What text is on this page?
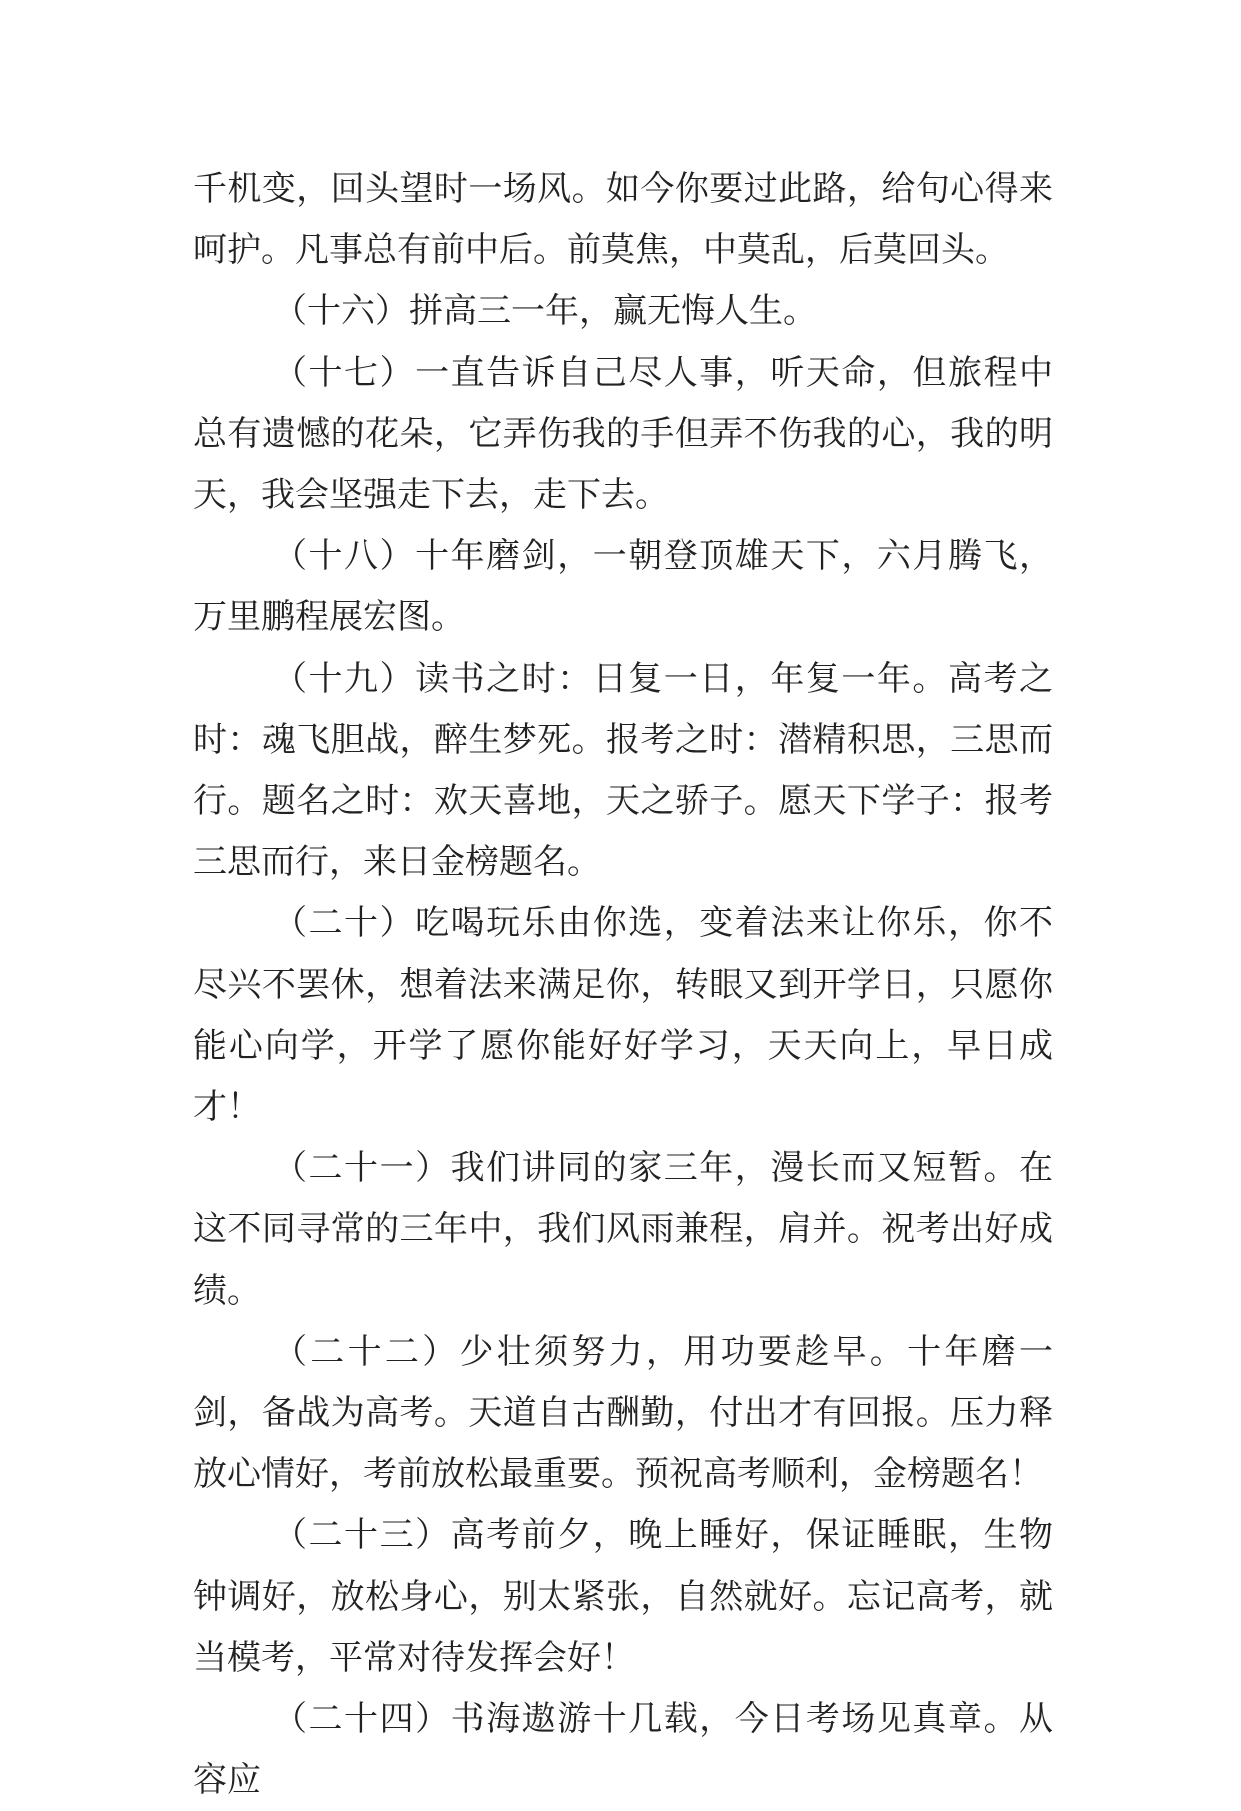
千机变，回头望时一场风。如今你要过此路，给句心得来呵护。凡事总有前中后。前莫焦，中莫乱，后莫回头。

（十六）拼高三一年，赢无悔人生。

（十七）一直告诉自己尽人事，听天命，但旅程中总有遗憾的花朵，它弄伤我的手但弄不伤我的心，我的明天，我会坚强走下去，走下去。

（十八）十年磨剑，一朝登顶雄天下，六月腾飞，万里鹏程展宏图。

（十九）读书之时：日复一日，年复一年。高考之时：魂飞胆战，醉生梦死。报考之时：潜精积思，三思而行。题名之时：欢天喜地，天之骄子。愿天下学子：报考三思而行，来日金榜题名。

（二十）吃喝玩乐由你选，变着法来让你乐，你不尽兴不罢休，想着法来满足你，转眼又到开学日，只愿你能心向学，开学了愿你能好好学习，天天向上，早日成才！

（二十一）我们讲同的家三年，漫长而又短暂。在这不同寻常的三年中，我们风雨兼程，肩并。祝考出好成绩。

（二十二）少壮须努力，用功要趁早。十年磨一剑，备战为高考。天道自古酬勤，付出才有回报。压力释放心情好，考前放松最重要。预祝高考顺利，金榜题名！

（二十三）高考前夕，晚上睡好，保证睡眠，生物钟调好，放松身心，别太紧张，自然就好。忘记高考，就当模考，平常对待发挥会好！

（二十四）书海遨游十几载，今日考场见真章。从容应
